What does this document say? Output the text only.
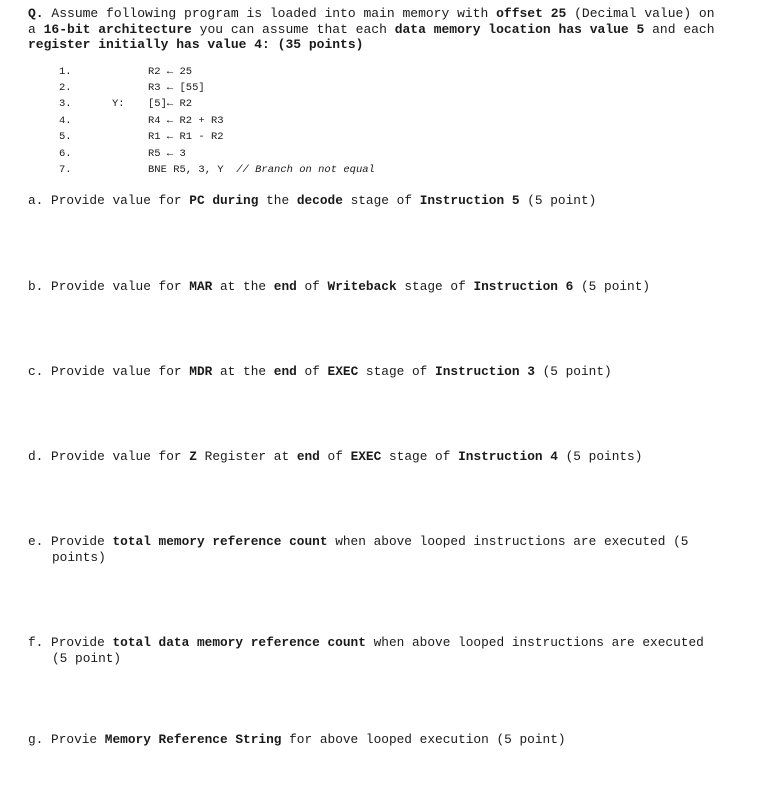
Q. Assume following program is loaded into main memory with offset 25 (Decimal value) on
a 16-bit architecture you can assume that each data memory location has value 5 and each
register initially has value 4: (35 points)
1.	R2 ← 25
2.	R3 ← [55]
3.	Y: [5]← R2
4.	R4 ← R2 + R3
5.	R1 ← R1 - R2
6.	R5 ← 3
7.	BNE R5, 3, Y  // Branch on not equal
a. Provide value for PC during the decode stage of Instruction 5 (5 point)
b. Provide value for MAR at the end of Writeback stage of Instruction 6 (5 point)
c. Provide value for MDR at the end of EXEC stage of Instruction 3 (5 point)
d. Provide value for Z Register at end of EXEC stage of Instruction 4 (5 points)
e. Provide total memory reference count when above looped instructions are executed (5
points)
f. Provide total data memory reference count when above looped instructions are executed
(5 point)
g. Provie Memory Reference String for above looped execution (5 point)
